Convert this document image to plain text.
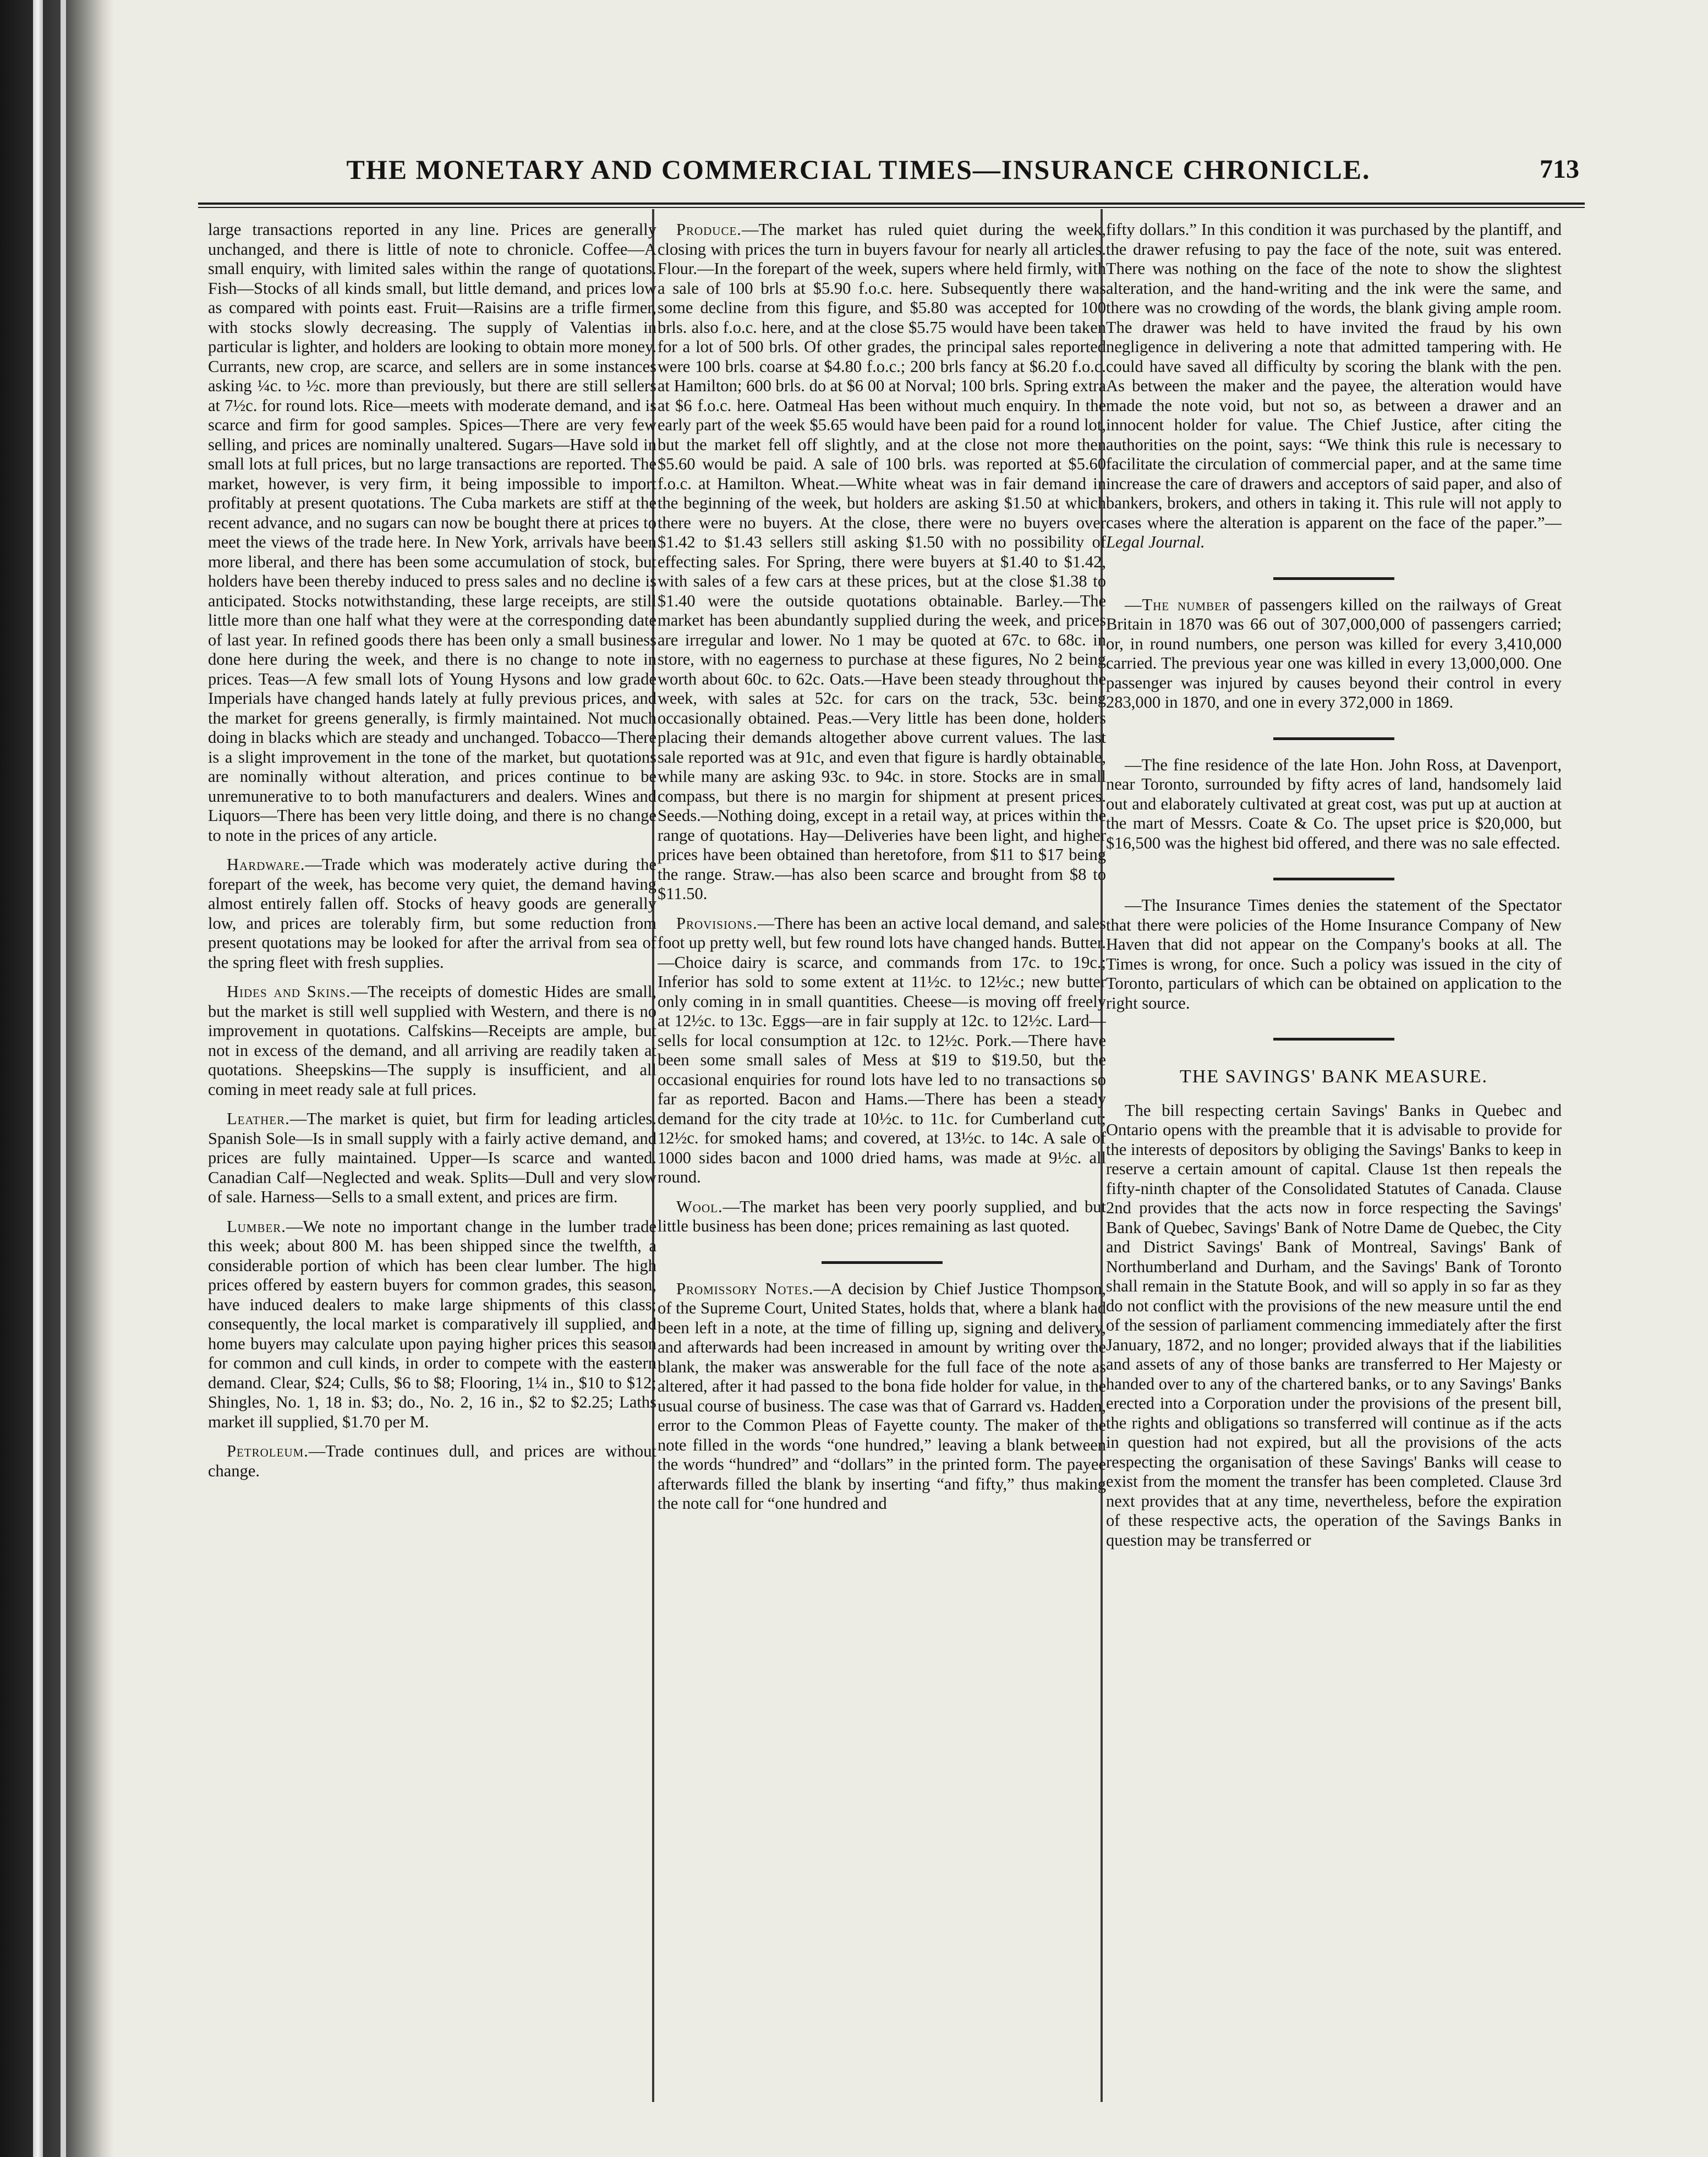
THE MONETARY AND COMMERCIAL TIMES—INSURANCE CHRONICLE.	713

large transactions reported in any line. Prices are generally unchanged, and there is little of note to chronicle. Coffee—A small enquiry, with limited sales within the range of quotations. Fish—Stocks of all kinds small, but little demand, and prices low as compared with points east. Fruit—Raisins are a trifle firmer, with stocks slowly decreasing. The supply of Valentias in particular is lighter, and holders are looking to obtain more money. Currants, new crop, are scarce, and sellers are in some instances asking ¼c. to ½c. more than previously, but there are still sellers at 7½c. for round lots. Rice—meets with moderate demand, and is scarce and firm for good samples. Spices—There are very few selling, and prices are nominally unaltered. Sugars—Have sold in small lots at full prices, but no large transactions are reported. The market, however, is very firm, it being impossible to import profitably at present quotations. The Cuba markets are stiff at the recent advance, and no sugars can now be bought there at prices to meet the views of the trade here. In New York, arrivals have been more liberal, and there has been some accumulation of stock, but holders have been thereby induced to press sales and no decline is anticipated. Stocks notwithstanding, these large receipts, are still little more than one half what they were at the corresponding date of last year. In refined goods there has been only a small business done here during the week, and there is no change to note in prices. Teas—A few small lots of Young Hysons and low grade Imperials have changed hands lately at fully previous prices, and the market for greens generally, is firmly maintained. Not much doing in blacks which are steady and unchanged. Tobacco—There is a slight improvement in the tone of the market, but quotations are nominally without alteration, and prices continue to be unremunerative to to both manufacturers and dealers. Wines and Liquors—There has been very little doing, and there is no change to note in the prices of any article.

Hardware.—Trade which was moderately active during the forepart of the week, has become very quiet, the demand having almost entirely fallen off. Stocks of heavy goods are generally low, and prices are tolerably firm, but some reduction from present quotations may be looked for after the arrival from sea of the spring fleet with fresh supplies.

Hides and Skins.—The receipts of domestic Hides are small, but the market is still well supplied with Western, and there is no improvement in quotations. Calfskins—Receipts are ample, but not in excess of the demand, and all arriving are readily taken at quotations. Sheepskins—The supply is insufficient, and all coming in meet ready sale at full prices.

Leather.—The market is quiet, but firm for leading articles. Spanish Sole—Is in small supply with a fairly active demand, and prices are fully maintained. Upper—Is scarce and wanted. Canadian Calf—Neglected and weak. Splits—Dull and very slow of sale. Harness—Sells to a small extent, and prices are firm.

Lumber.—We note no important change in the lumber trade this week; about 800 M. has been shipped since the twelfth, a considerable portion of which has been clear lumber. The high prices offered by eastern buyers for common grades, this season, have induced dealers to make large shipments of this class; consequently, the local market is comparatively ill supplied, and home buyers may calculate upon paying higher prices this season for common and cull kinds, in order to compete with the eastern demand. Clear, $24; Culls, $6 to $8; Flooring, 1¼ in., $10 to $12; Shingles, No. 1, 18 in. $3; do., No. 2, 16 in., $2 to $2.25; Laths market ill supplied, $1.70 per M.

Petroleum.—Trade continues dull, and prices are without change.

Produce.—The market has ruled quiet during the week, closing with prices the turn in buyers favour for nearly all articles. Flour.—In the forepart of the week, supers where held firmly, with a sale of 100 brls at $5.90 f.o.c. here. Subsequently there was some decline from this figure, and $5.80 was accepted for 100 brls. also f.o.c. here, and at the close $5.75 would have been taken for a lot of 500 brls. Of other grades, the principal sales reported were 100 brls. coarse at $4.80 f.o.c.; 200 brls fancy at $6.20 f.o.c. at Hamilton; 600 brls. do at $6 00 at Norval; 100 brls. Spring extra at $6 f.o.c. here. Oatmeal Has been without much enquiry. In the early part of the week $5.65 would have been paid for a round lot, but the market fell off slightly, and at the close not more then $5.60 would be paid. A sale of 100 brls. was reported at $5.60 f.o.c. at Hamilton. Wheat.—White wheat was in fair demand in the beginning of the week, but holders are asking $1.50 at which there were no buyers. At the close, there were no buyers over $1.42 to $1.43 sellers still asking $1.50 with no possibility of effecting sales. For Spring, there were buyers at $1.40 to $1.42, with sales of a few cars at these prices, but at the close $1.38 to $1.40 were the outside quotations obtainable. Barley.—The market has been abundantly supplied during the week, and prices are irregular and lower. No 1 may be quoted at 67c. to 68c. in store, with no eagerness to purchase at these figures, No 2 being worth about 60c. to 62c. Oats.—Have been steady throughout the week, with sales at 52c. for cars on the track, 53c. being occasionally obtained. Peas.—Very little has been done, holders placing their demands altogether above current values. The last sale reported was at 91c, and even that figure is hardly obtainable, while many are asking 93c. to 94c. in store. Stocks are in small compass, but there is no margin for shipment at present prices. Seeds.—Nothing doing, except in a retail way, at prices within the range of quotations. Hay—Deliveries have been light, and higher prices have been obtained than heretofore, from $11 to $17 being the range. Straw.—has also been scarce and brought from $8 to $11.50.

Provisions.—There has been an active local demand, and sales foot up pretty well, but few round lots have changed hands. Butter.—Choice dairy is scarce, and commands from 17c. to 19c.; Inferior has sold to some extent at 11½c. to 12½c.; new butter only coming in in small quantities. Cheese—is moving off freely at 12½c. to 13c. Eggs—are in fair supply at 12c. to 12½c. Lard—sells for local consumption at 12c. to 12½c. Pork.—There have been some small sales of Mess at $19 to $19.50, but the occasional enquiries for round lots have led to no transactions so far as reported. Bacon and Hams.—There has been a steady demand for the city trade at 10½c. to 11c. for Cumberland cut; 12½c. for smoked hams; and covered, at 13½c. to 14c. A sale of 1000 sides bacon and 1000 dried hams, was made at 9½c. all round.

Wool.—The market has been very poorly supplied, and but little business has been done; prices remaining as last quoted.

Promissory Notes.—A decision by Chief Justice Thompson, of the Supreme Court, United States, holds that, where a blank had been left in a note, at the time of filling up, signing and delivery, and afterwards had been increased in amount by writing over the blank, the maker was answerable for the full face of the note as altered, after it had passed to the bona fide holder for value, in the usual course of business. The case was that of Garrard vs. Hadden, error to the Common Pleas of Fayette county. The maker of the note filled in the words “one hundred,” leaving a blank between the words “hundred” and “dollars” in the printed form. The payee afterwards filled the blank by inserting “and fifty,” thus making the note call for “one hundred and

fifty dollars.” In this condition it was purchased by the plantiff, and the drawer refusing to pay the face of the note, suit was entered. There was nothing on the face of the note to show the slightest alteration, and the hand-writing and the ink were the same, and there was no crowding of the words, the blank giving ample room. The drawer was held to have invited the fraud by his own negligence in delivering a note that admitted tampering with. He could have saved all difficulty by scoring the blank with the pen. As between the maker and the payee, the alteration would have made the note void, but not so, as between a drawer and an innocent holder for value. The Chief Justice, after citing the authorities on the point, says: “We think this rule is necessary to facilitate the circulation of commercial paper, and at the same time increase the care of drawers and acceptors of said paper, and also of bankers, brokers, and others in taking it. This rule will not apply to cases where the alteration is apparent on the face of the paper.”—Legal Journal.

—The number of passengers killed on the railways of Great Britain in 1870 was 66 out of 307,000,000 of passengers carried; or, in round numbers, one person was killed for every 3,410,000 carried. The previous year one was killed in every 13,000,000. One passenger was injured by causes beyond their control in every 283,000 in 1870, and one in every 372,000 in 1869.

—The fine residence of the late Hon. John Ross, at Davenport, near Toronto, surrounded by fifty acres of land, handsomely laid out and elaborately cultivated at great cost, was put up at auction at the mart of Messrs. Coate & Co. The upset price is $20,000, but $16,500 was the highest bid offered, and there was no sale effected.

—The Insurance Times denies the statement of the Spectator that there were policies of the Home Insurance Company of New Haven that did not appear on the Company's books at all. The Times is wrong, for once. Such a policy was issued in the city of Toronto, particulars of which can be obtained on application to the right source.

THE SAVINGS' BANK MEASURE.

The bill respecting certain Savings' Banks in Quebec and Ontario opens with the preamble that it is advisable to provide for the interests of depositors by obliging the Savings' Banks to keep in reserve a certain amount of capital. Clause 1st then repeals the fifty-ninth chapter of the Consolidated Statutes of Canada. Clause 2nd provides that the acts now in force respecting the Savings' Bank of Quebec, Savings' Bank of Notre Dame de Quebec, the City and District Savings' Bank of Montreal, Savings' Bank of Northumberland and Durham, and the Savings' Bank of Toronto shall remain in the Statute Book, and will so apply in so far as they do not conflict with the provisions of the new measure until the end of the session of parliament commencing immediately after the first January, 1872, and no longer; provided always that if the liabilities and assets of any of those banks are transferred to Her Majesty or handed over to any of the chartered banks, or to any Savings' Banks erected into a Corporation under the provisions of the present bill, the rights and obligations so transferred will continue as if the acts in question had not expired, but all the provisions of the acts respecting the organisation of these Savings' Banks will cease to exist from the moment the transfer has been completed. Clause 3rd next provides that at any time, nevertheless, before the expiration of these respective acts, the operation of the Savings Banks in question may be transferred or
